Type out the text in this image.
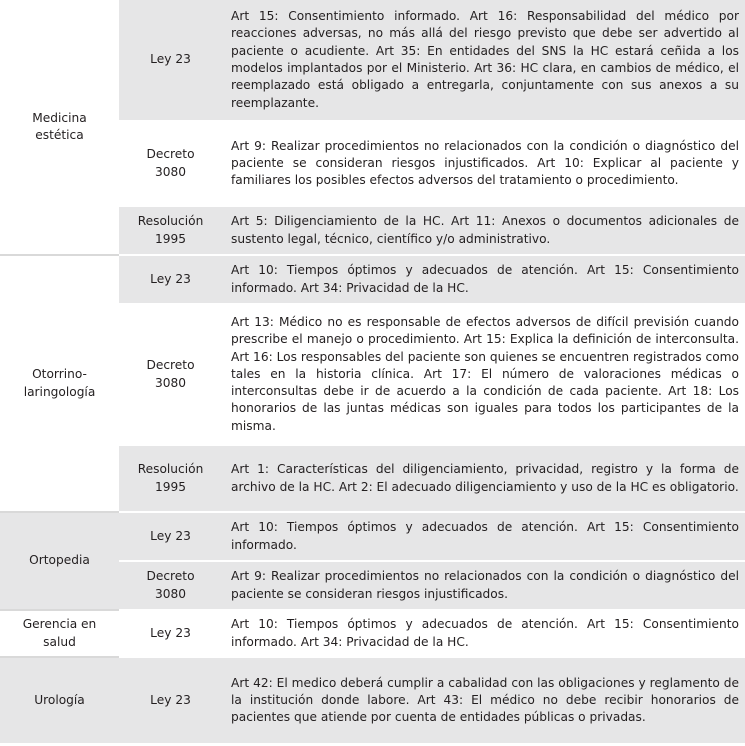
Medicina estética	Ley 23	Art 15: Consentimiento informado. Art 16: Responsabilidad del médico por reacciones adversas, no más allá del riesgo previsto que debe ser advertido al paciente o acudiente. Art 35: En entidades del SNS la HC estará ceñida a los modelos implantados por el Ministerio. Art 36: HC clara, en cambios de médico, el reemplazado está obligado a entregarla, conjuntamente con sus anexos a su reemplazante.
	Decreto 3080	Art 9: Realizar procedimientos no relacionados con la condición o diagnóstico del paciente se consideran riesgos injustificados. Art 10: Explicar al paciente y familiares los posibles efectos adversos del tratamiento o procedimiento.
	Resolución 1995	Art 5: Diligenciamiento de la HC. Art 11: Anexos o documentos adicionales de sustento legal, técnico, científico y/o administrativo.
Otorrino-laringología	Ley 23	Art 10: Tiempos óptimos y adecuados de atención. Art 15: Consentimiento informado. Art 34: Privacidad de la HC.
	Decreto 3080	Art 13: Médico no es responsable de efectos adversos de difícil previsión cuando prescribe el manejo o procedimiento. Art 15: Explica la definición de interconsulta. Art 16: Los responsables del paciente son quienes se encuentren registrados como tales en la historia clínica. Art 17: El número de valoraciones médicas o interconsultas debe ir de acuerdo a la condición de cada paciente. Art 18: Los honorarios de las juntas médicas son iguales para todos los participantes de la misma.
	Resolución 1995	Art 1: Características del diligenciamiento, privacidad, registro y la forma de archivo de la HC. Art 2: El adecuado diligenciamiento y uso de la HC es obligatorio.
Ortopedia	Ley 23	Art 10: Tiempos óptimos y adecuados de atención. Art 15: Consentimiento informado.
	Decreto 3080	Art 9: Realizar procedimientos no relacionados con la condición o diagnóstico del paciente se consideran riesgos injustificados.
Gerencia en salud	Ley 23	Art 10: Tiempos óptimos y adecuados de atención. Art 15: Consentimiento informado. Art 34: Privacidad de la HC.
Urología	Ley 23	Art 42: El medico deberá cumplir a cabalidad con las obligaciones y reglamento de la institución donde labore. Art 43: El médico no debe recibir honorarios de pacientes que atiende por cuenta de entidades públicas o privadas.
